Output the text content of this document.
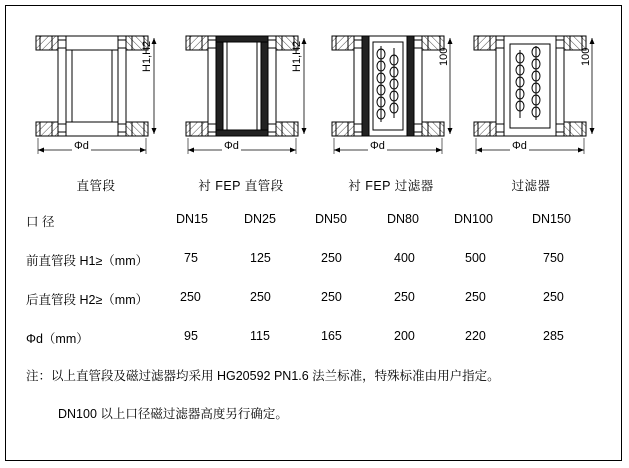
H1,H2
Φd
H1,H2
Φd
100
Φd
100
Φd
直管段	衬 FEP 直管段	衬 FEP 过滤器	过滤器
口 径	DN15	DN25	DN50	DN80	DN100	DN150
前直管段 H1≥（mm）	75	125	250	400	500	750
后直管段 H2≥（mm）	250	250	250	250	250	250
Φd（mm）	95	115	165	200	220	285
注：以上直管段及磁过滤器均采用 HG20592 PN1.6 法兰标准，特殊标准由用户指定。
DN100 以上口径磁过滤器高度另行确定。
